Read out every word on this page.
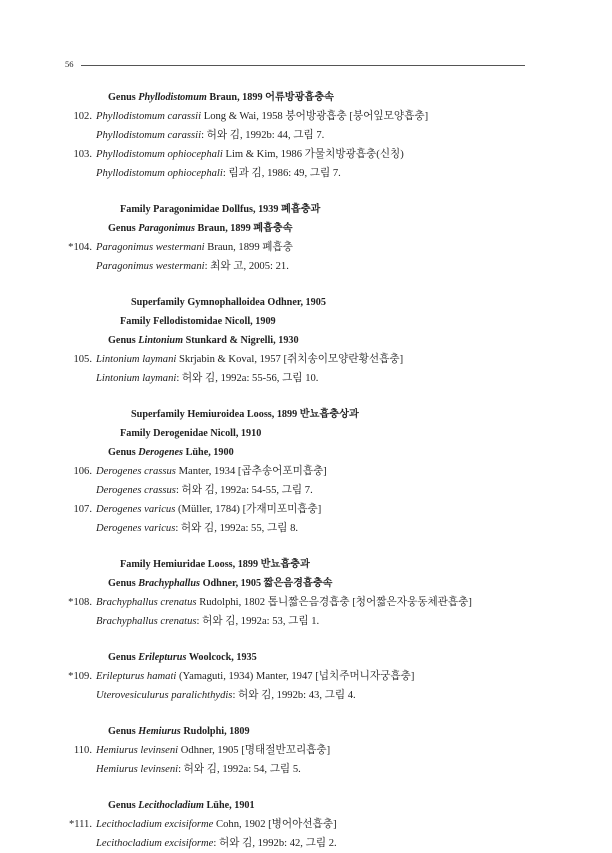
56
Genus Phyllodistomum Braun, 1899 어류방광흡충속
102. Phyllodistomum carassii Long & Wai, 1958 붕어방광흡충 [붕어잎모양흡충]
Phyllodistomum carassii: 허와 김, 1992b: 44, 그림 7.
103. Phyllodistomum ophiocephali Lim & Kim, 1986 가물치방광흡충(신칭)
Phyllodistomum ophiocephali: 림과 김, 1986: 49, 그림 7.
Family Paragonimidae Dollfus, 1939 폐흡충과
Genus Paragonimus Braun, 1899 폐흡충속
*104. Paragonimus westermani Braun, 1899 폐흡충
Paragonimus westermani: 최와 고, 2005: 21.
Superfamily Gymnophalloidea Odhner, 1905
Family Fellodistomidae Nicoll, 1909
Genus Lintonium Stunkard & Nigrelli, 1930
105. Lintonium laymani Skrjabin & Koval, 1957 [쥐치송이모양란황선흡충]
Lintonium laymani: 허와 김, 1992a: 55-56, 그림 10.
Superfamily Hemiuroidea Looss, 1899 반뇨흡충상과
Family Derogenidae Nicoll, 1910
Genus Derogenes Lühe, 1900
106. Derogenes crassus Manter, 1934 [곱추송어포미흡충]
Derogenes crassus: 허와 김, 1992a: 54-55, 그림 7.
107. Derogenes varicus (Müller, 1784) [가재미포미흡충]
Derogenes varicus: 허와 김, 1992a: 55, 그림 8.
Family Hemiuridae Looss, 1899 반뇨흡충과
Genus Brachyphallus Odhner, 1905 짧은음경흡충속
*108. Brachyphallus crenatus Rudolphi, 1802 톱니짧은음경흡충 [청어짧은자웅동체관흡충]
Brachyphallus crenatus: 허와 김, 1992a: 53, 그림 1.
Genus Erilepturus Woolcock, 1935
*109. Erilepturus hamati (Yamaguti, 1934) Manter, 1947 [넙치주머니자궁흡충]
Uterovesiculurus paralichthydis: 허와 김, 1992b: 43, 그림 4.
Genus Hemiurus Rudolphi, 1809
110. Hemiurus levinseni Odhner, 1905 [명태절반꼬리흡충]
Hemiurus levinseni: 허와 김, 1992a: 54, 그림 5.
Genus Lecithocladium Lühe, 1901
*111. Lecithocladium excisiforme Cohn, 1902 [병어아선흡충]
Lecithocladium excisiforme: 허와 김, 1992b: 42, 그림 2.
